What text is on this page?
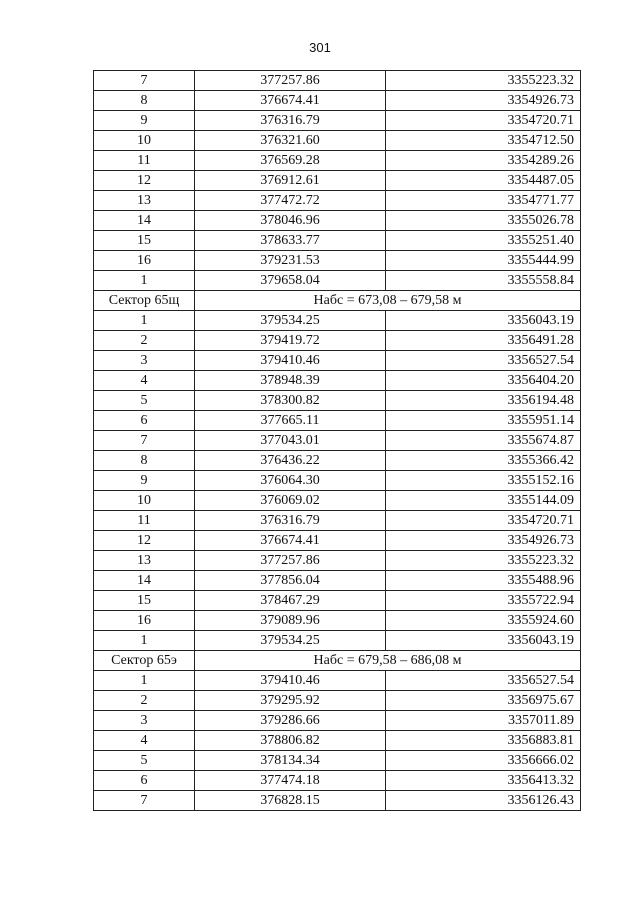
301
7	377257.86	3355223.32
8	376674.41	3354926.73
9	376316.79	3354720.71
10	376321.60	3354712.50
11	376569.28	3354289.26
12	376912.61	3354487.05
13	377472.72	3354771.77
14	378046.96	3355026.78
15	378633.77	3355251.40
16	379231.53	3355444.99
1	379658.04	3355558.84
Сектор 65щ	Набс = 673,08 – 679,58 м	
1	379534.25	3356043.19
2	379419.72	3356491.28
3	379410.46	3356527.54
4	378948.39	3356404.20
5	378300.82	3356194.48
6	377665.11	3355951.14
7	377043.01	3355674.87
8	376436.22	3355366.42
9	376064.30	3355152.16
10	376069.02	3355144.09
11	376316.79	3354720.71
12	376674.41	3354926.73
13	377257.86	3355223.32
14	377856.04	3355488.96
15	378467.29	3355722.94
16	379089.96	3355924.60
1	379534.25	3356043.19
Сектор 65э	Набс = 679,58 – 686,08 м	
1	379410.46	3356527.54
2	379295.92	3356975.67
3	379286.66	3357011.89
4	378806.82	3356883.81
5	378134.34	3356666.02
6	377474.18	3356413.32
7	376828.15	3356126.43
